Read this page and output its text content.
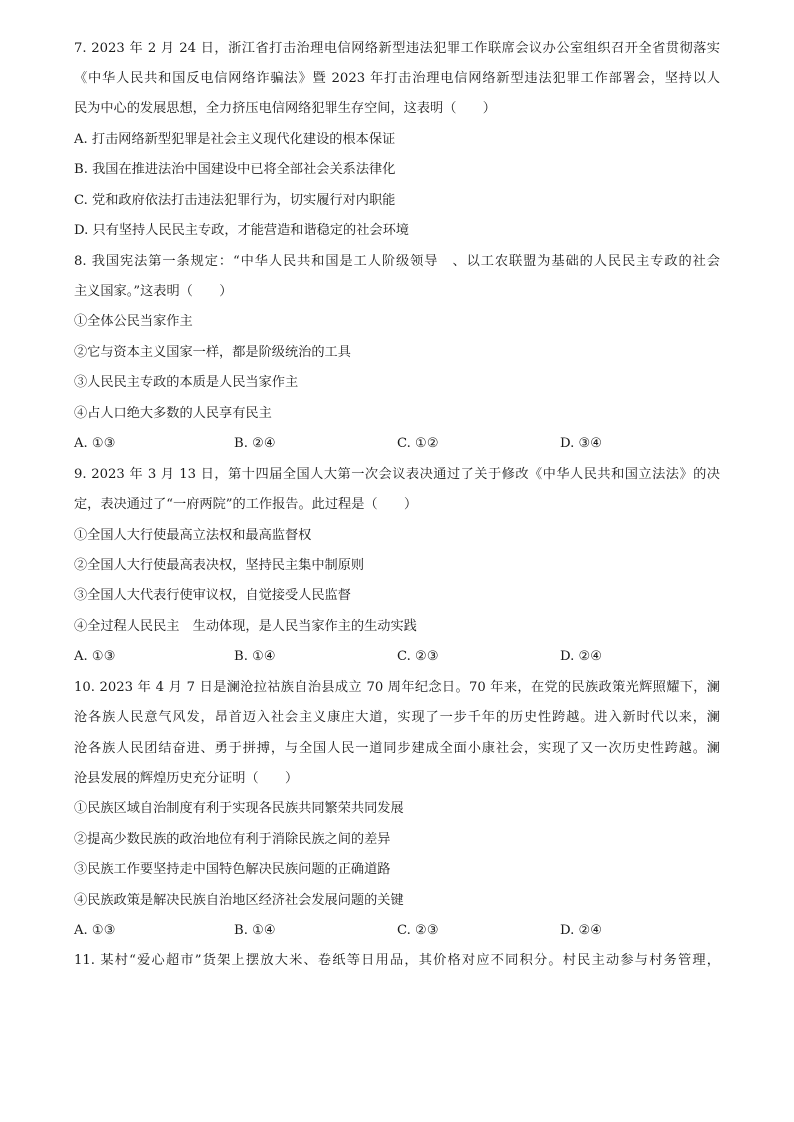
7. 2023 年 2 月 24 日，浙江省打击治理电信网络新型违法犯罪工作联席会议办公室组织召开全省贯彻落实
《中华人民共和国反电信网络诈骗法》暨 2023 年打击治理电信网络新型违法犯罪工作部署会，坚持以人
民为中心的发展思想，全力挤压电信网络犯罪生存空间，这表明（　　）
A. 打击网络新型犯罪是社会主义现代化建设的根本保证
B. 我国在推进法治中国建设中已将全部社会关系法律化
C. 党和政府依法打击违法犯罪行为，切实履行对内职能
D. 只有坚持人民民主专政，才能营造和谐稳定的社会环境
8. 我国宪法第一条规定：“中华人民共和国是工人阶级领导　、以工农联盟为基础的人民民主专政的社会
主义国家。”这表明（　　）
①全体公民当家作主
②它与资本主义国家一样，都是阶级统治的工具
③人民民主专政的本质是人民当家作主
④占人口绝大多数的人民享有民主
A. ①③	B. ②④	C. ①②	D. ③④
9. 2023 年 3 月 13 日，第十四届全国人大第一次会议表决通过了关于修改《中华人民共和国立法法》的决
定，表决通过了“一府两院”的工作报告。此过程是（　　）
①全国人大行使最高立法权和最高监督权
②全国人大行使最高表决权，坚持民主集中制原则
③全国人大代表行使审议权，自觉接受人民监督
④全过程人民民主　生动体现，是人民当家作主的生动实践
A. ①③	B. ①④	C. ②③	D. ②④
10. 2023 年 4 月 7 日是澜沧拉祜族自治县成立 70 周年纪念日。70 年来，在党的民族政策光辉照耀下，澜
沧各族人民意气风发，昂首迈入社会主义康庄大道，实现了一步千年的历史性跨越。进入新时代以来，澜
沧各族人民团结奋进、勇于拼搏，与全国人民一道同步建成全面小康社会，实现了又一次历史性跨越。澜
沧县发展的辉煌历史充分证明（　　）
①民族区域自治制度有利于实现各民族共同繁荣共同发展
②提高少数民族的政治地位有利于消除民族之间的差异
③民族工作要坚持走中国特色解决民族问题的正确道路
④民族政策是解决民族自治地区经济社会发展问题的关键
A. ①③	B. ①④	C. ②③	D. ②④
11. 某村“爱心超市”货架上摆放大米、卷纸等日用品，其价格对应不同积分。村民主动参与村务管理，
